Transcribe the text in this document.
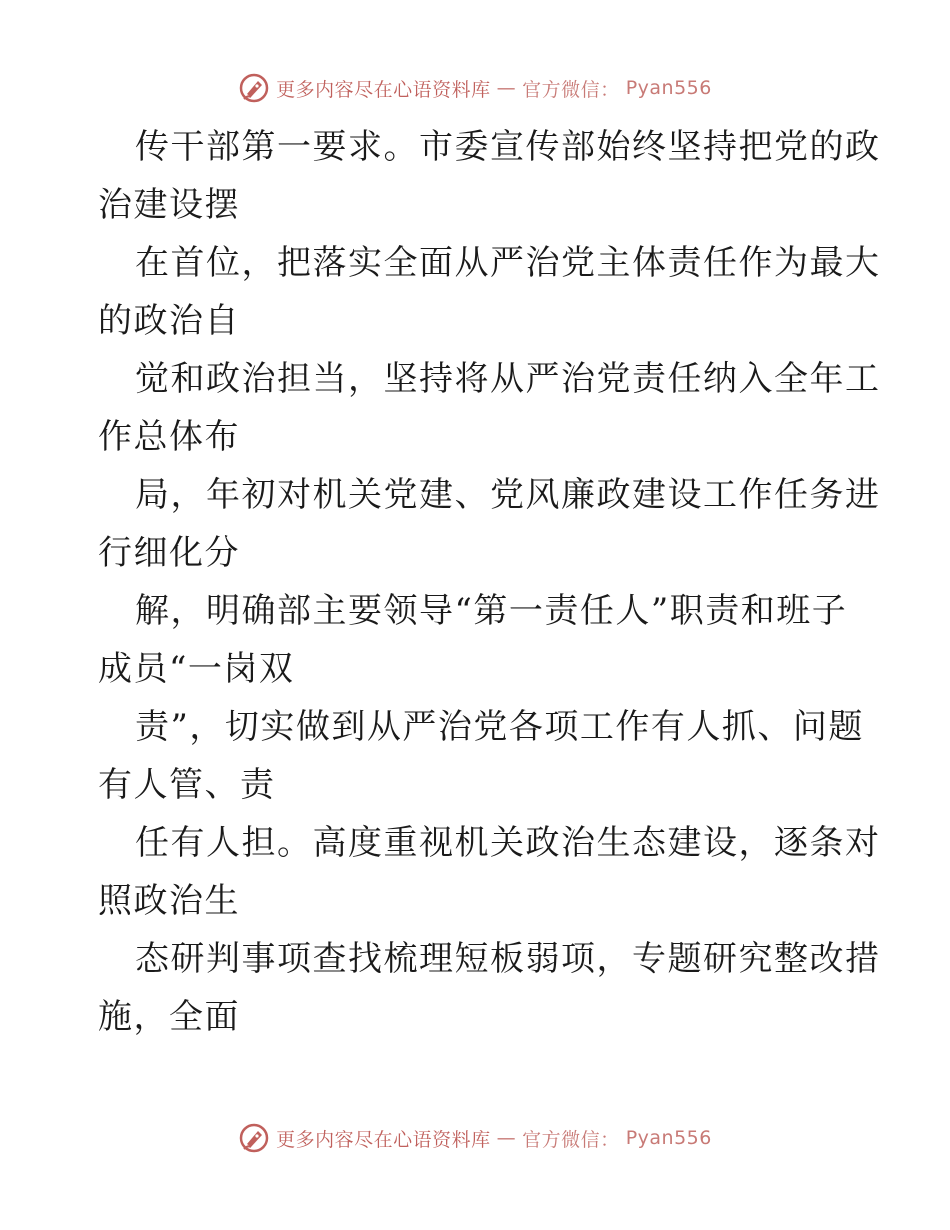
更多内容尽在心语资料库 — 官方微信： Pyan556
传干部第一要求。市委宣传部始终坚持把党的政
治建设摆
在首位，把落实全面从严治党主体责任作为最大
的政治自
觉和政治担当，坚持将从严治党责任纳入全年工
作总体布
局，年初对机关党建、党风廉政建设工作任务进
行细化分
解，明确部主要领导“第一责任人”职责和班子
成员“一岗双
责”，切实做到从严治党各项工作有人抓、问题
有人管、责
任有人担。高度重视机关政治生态建设，逐条对
照政治生
态研判事项查找梳理短板弱项，专题研究整改措
施，全面
更多内容尽在心语资料库 — 官方微信： Pyan556
